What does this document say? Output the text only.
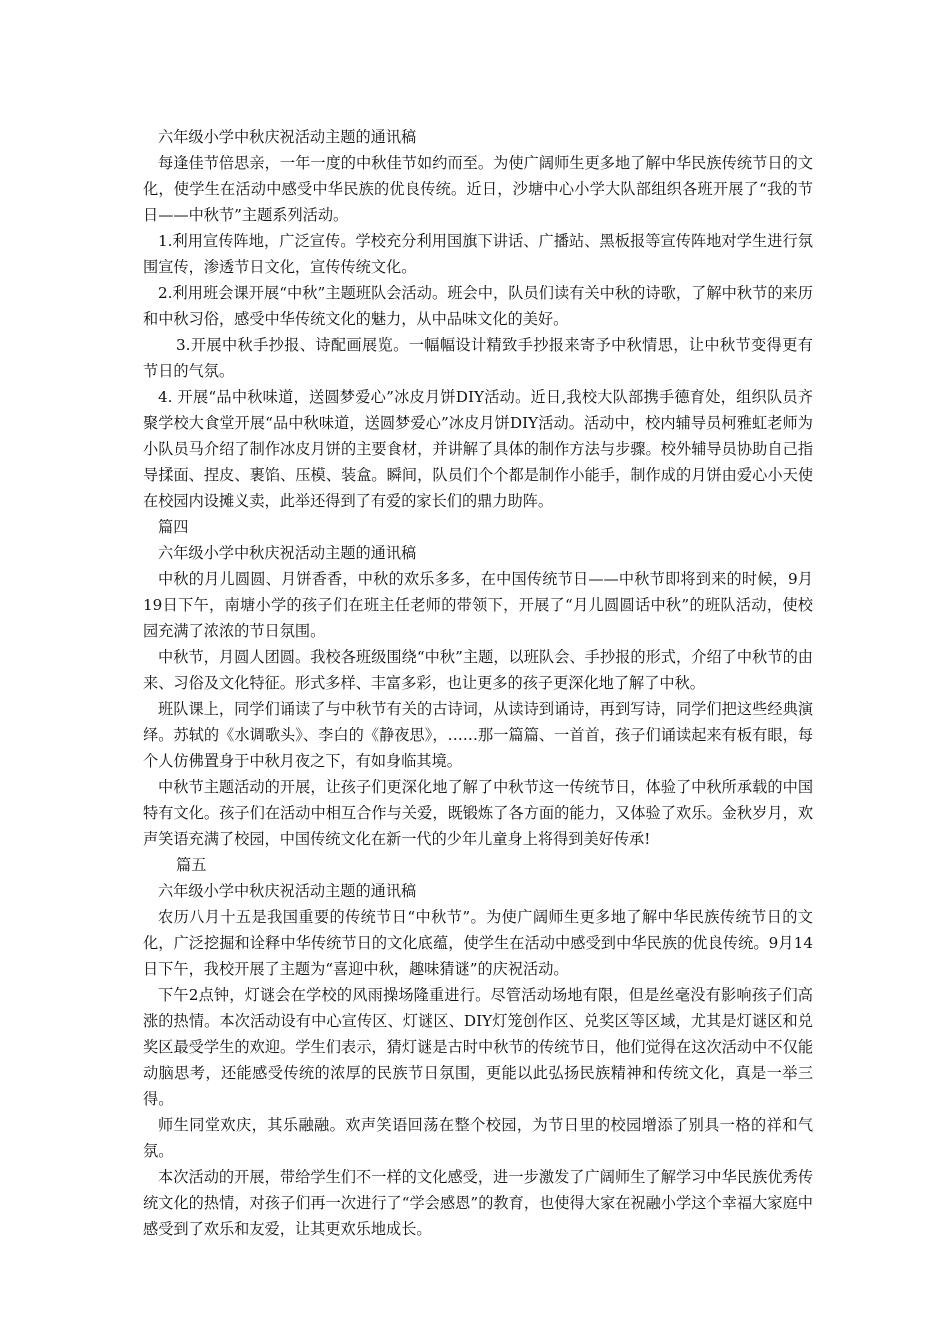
六年级小学中秋庆祝活动主题的通讯稿

每逢佳节倍思亲，一年一度的中秋佳节如约而至。为使广阔师生更多地了解中华民族传统节日的文化，使学生在活动中感受中华民族的优良传统。近日，沙塘中心小学大队部组织各班开展了“我的节日——中秋节”主题系列活动。

1.利用宣传阵地，广泛宣传。学校充分利用国旗下讲话、广播站、黑板报等宣传阵地对学生进行氛围宣传，渗透节日文化，宣传传统文化。

2.利用班会课开展“中秋”主题班队会活动。班会中，队员们读有关中秋的诗歌，了解中秋节的来历和中秋习俗，感受中华传统文化的魅力，从中品味文化的美好。

3.开展中秋手抄报、诗配画展览。一幅幅设计精致手抄报来寄予中秋情思，让中秋节变得更有节日的气氛。

4. 开展“品中秋味道，送圆梦爱心”冰皮月饼DIY活动。近日,我校大队部携手德育处，组织队员齐聚学校大食堂开展“品中秋味道，送圆梦爱心”冰皮月饼DIY活动。活动中，校内辅导员柯雅虹老师为小队员马介绍了制作冰皮月饼的主要食材，并讲解了具体的制作方法与步骤。校外辅导员协助自己指导揉面、捏皮、裹馅、压模、装盒。瞬间，队员们个个都是制作小能手，制作成的月饼由爱心小天使在校园内设摊义卖，此举还得到了有爱的家长们的鼎力助阵。

篇四

六年级小学中秋庆祝活动主题的通讯稿

中秋的月儿圆圆、月饼香香，中秋的欢乐多多，在中国传统节日——中秋节即将到来的时候，9月19日下午，南塘小学的孩子们在班主任老师的带领下，开展了“月儿圆圆话中秋”的班队活动，使校园充满了浓浓的节日氛围。

中秋节，月圆人团圆。我校各班级围绕“中秋”主题，以班队会、手抄报的形式，介绍了中秋节的由来、习俗及文化特征。形式多样、丰富多彩，也让更多的孩子更深化地了解了中秋。

班队课上，同学们诵读了与中秋节有关的古诗词，从读诗到诵诗，再到写诗，同学们把这些经典演绎。苏轼的《水调歌头》、李白的《静夜思》，……那一篇篇、一首首，孩子们诵读起来有板有眼，每个人仿佛置身于中秋月夜之下，有如身临其境。

中秋节主题活动的开展，让孩子们更深化地了解了中秋节这一传统节日，体验了中秋所承载的中国特有文化。孩子们在活动中相互合作与关爱，既锻炼了各方面的能力，又体验了欢乐。金秋岁月，欢声笑语充满了校园，中国传统文化在新一代的少年儿童身上将得到美好传承!

篇五

六年级小学中秋庆祝活动主题的通讯稿

农历八月十五是我国重要的传统节日“中秋节”。为使广阔师生更多地了解中华民族传统节日的文化，广泛挖掘和诠释中华传统节日的文化底蕴，使学生在活动中感受到中华民族的优良传统。9月14日下午，我校开展了主题为“喜迎中秋，趣味猜谜”的庆祝活动。

下午2点钟，灯谜会在学校的风雨操场隆重进行。尽管活动场地有限，但是丝毫没有影响孩子们高涨的热情。本次活动设有中心宣传区、灯谜区、DIY灯笼创作区、兑奖区等区域，尤其是灯谜区和兑奖区最受学生的欢迎。学生们表示，猜灯谜是古时中秋节的传统节日，他们觉得在这次活动中不仅能动脑思考，还能感受传统的浓厚的民族节日氛围，更能以此弘扬民族精神和传统文化，真是一举三得。

师生同堂欢庆，其乐融融。欢声笑语回荡在整个校园，为节日里的校园增添了别具一格的祥和气氛。

本次活动的开展，带给学生们不一样的文化感受，进一步激发了广阔师生了解学习中华民族优秀传统文化的热情，对孩子们再一次进行了“学会感恩”的教育，也使得大家在祝融小学这个幸福大家庭中感受到了欢乐和友爱，让其更欢乐地成长。
